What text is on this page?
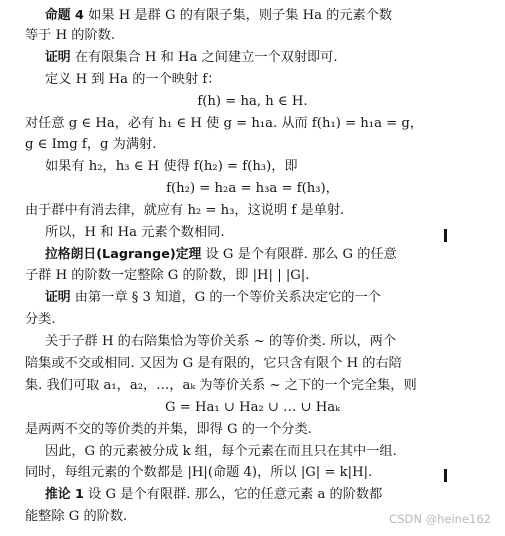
命题 4 如果 H 是群 G 的有限子集，则子集 Ha 的元素个数
等于 H 的阶数.
证明 在有限集合 H 和 Ha 之间建立一个双射即可.
定义 H 到 Ha 的一个映射 f：
f(h) = ha, h ∈ H.
对任意 g ∈ Ha，必有 h₁ ∈ H 使 g = h₁a. 从而 f(h₁) = h₁a = g，
g ∈ Img f，g 为满射.
如果有 h₂，h₃ ∈ H 使得 f(h₂) = f(h₃)，即
f(h₂) = h₂a = h₃a = f(h₃)，
由于群中有消去律，就应有 h₂ = h₃，这说明 f 是单射.
所以，H 和 Ha 元素个数相同.
拉格朗日(Lagrange)定理 设 G 是个有限群. 那么 G 的任意
子群 H 的阶数一定整除 G 的阶数，即 |H| | |G|.
证明 由第一章 § 3 知道，G 的一个等价关系决定它的一个
分类.
关于子群 H 的右陪集恰为等价关系 ~ 的等价类. 所以，两个
陪集或不交或相同. 又因为 G 是有限的，它只含有限个 H 的右陪
集. 我们可取 a₁，a₂，…，aₖ 为等价关系 ~ 之下的一个完全集，则
G = Ha₁ ∪ Ha₂ ∪ … ∪ Haₖ
是两两不交的等价类的并集，即得 G 的一个分类.
因此，G 的元素被分成 k 组，每个元素在而且只在其中一组.
同时，每组元素的个数都是 |H|(命题 4)，所以 |G| = k|H|.
推论 1 设 G 是个有限群. 那么，它的任意元素 a 的阶数都
能整除 G 的阶数.	CSDN @heine162
